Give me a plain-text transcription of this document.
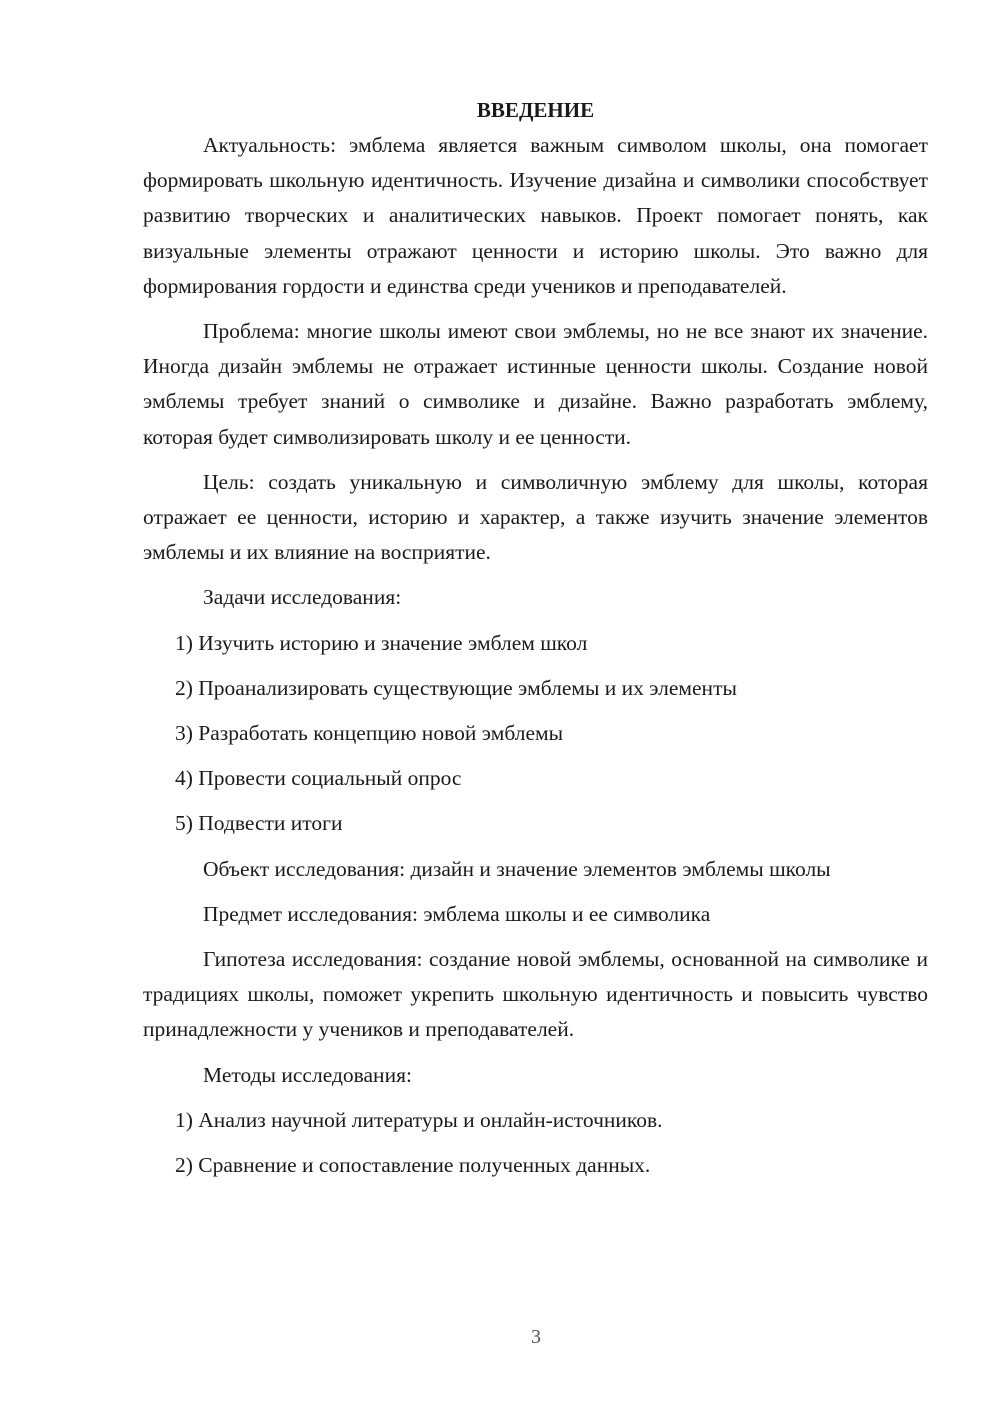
ВВЕДЕНИЕ

Актуальность: эмблема является важным символом школы, она помогает формировать школьную идентичность. Изучение дизайна и символики способствует развитию творческих и аналитических навыков. Проект помогает понять, как визуальные элементы отражают ценности и историю школы. Это важно для формирования гордости и единства среди учеников и преподавателей.

Проблема: многие школы имеют свои эмблемы, но не все знают их значение. Иногда дизайн эмблемы не отражает истинные ценности школы. Создание новой эмблемы требует знаний о символике и дизайне. Важно разработать эмблему, которая будет символизировать школу и ее ценности.

Цель: создать уникальную и символичную эмблему для школы, которая отражает ее ценности, историю и характер, а также изучить значение элементов эмблемы и их влияние на восприятие.

Задачи исследования:

1) Изучить историю и значение эмблем школ

2) Проанализировать существующие эмблемы и их элементы

3) Разработать концепцию новой эмблемы

4) Провести социальный опрос

5) Подвести итоги

Объект исследования: дизайн и значение элементов эмблемы школы

Предмет исследования: эмблема школы и ее символика

Гипотеза исследования: создание новой эмблемы, основанной на символике и традициях школы, поможет укрепить школьную идентичность и повысить чувство принадлежности у учеников и преподавателей.

Методы исследования:

1) Анализ научной литературы и онлайн-источников.

2) Сравнение и сопоставление полученных данных.

3
